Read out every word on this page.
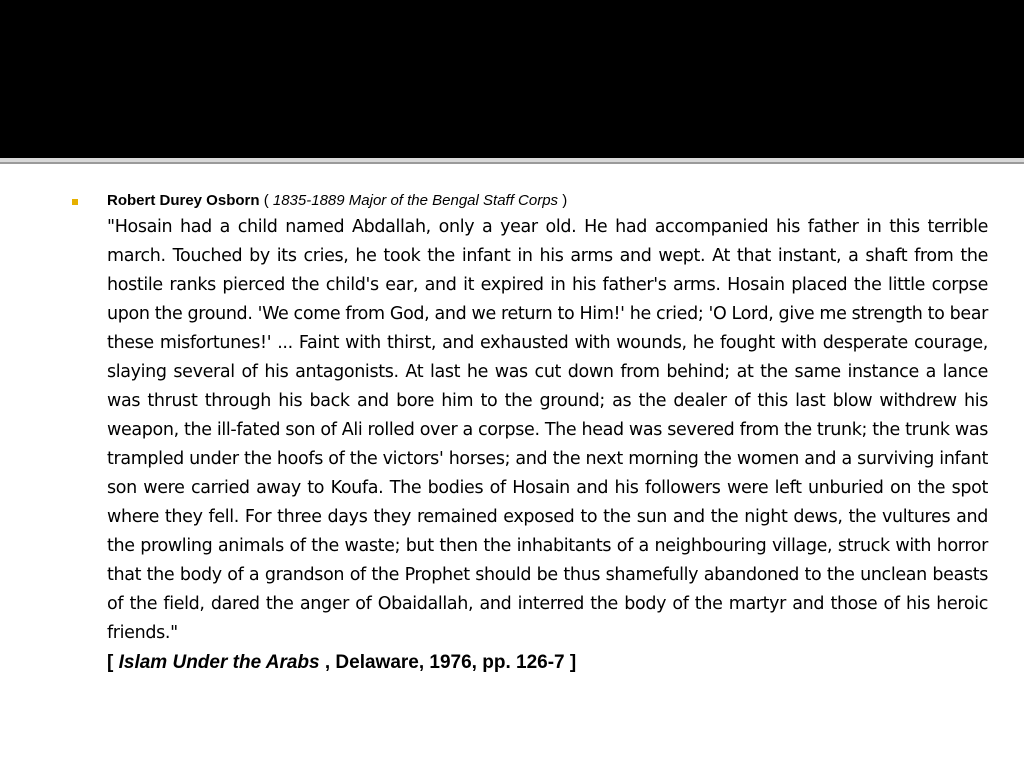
Robert Durey Osborn ( 1835-1889 Major of the Bengal Staff Corps )

"Hosain had a child named Abdallah, only a year old. He had accompanied his father in this terrible march. Touched by its cries, he took the infant in his arms and wept. At that instant, a shaft from the hostile ranks pierced the child's ear, and it expired in his father's arms. Hosain placed the little corpse upon the ground. 'We come from God, and we return to Him!' he cried; 'O Lord, give me strength to bear these misfortunes!' ... Faint with thirst, and exhausted with wounds, he fought with desperate courage, slaying several of his antagonists. At last he was cut down from behind; at the same instance a lance was thrust through his back and bore him to the ground; as the dealer of this last blow withdrew his weapon, the ill-fated son of Ali rolled over a corpse. The head was severed from the trunk; the trunk was trampled under the hoofs of the victors' horses; and the next morning the women and a surviving infant son were carried away to Koufa. The bodies of Hosain and his followers were left unburied on the spot where they fell. For three days they remained exposed to the sun and the night dews, the vultures and the prowling animals of the waste; but then the inhabitants of a neighbouring village, struck with horror that the body of a grandson of the Prophet should be thus shamefully abandoned to the unclean beasts of the field, dared the anger of Obaidallah, and interred the body of the martyr and those of his heroic friends."

[ Islam Under the Arabs , Delaware, 1976, pp. 126-7 ]
